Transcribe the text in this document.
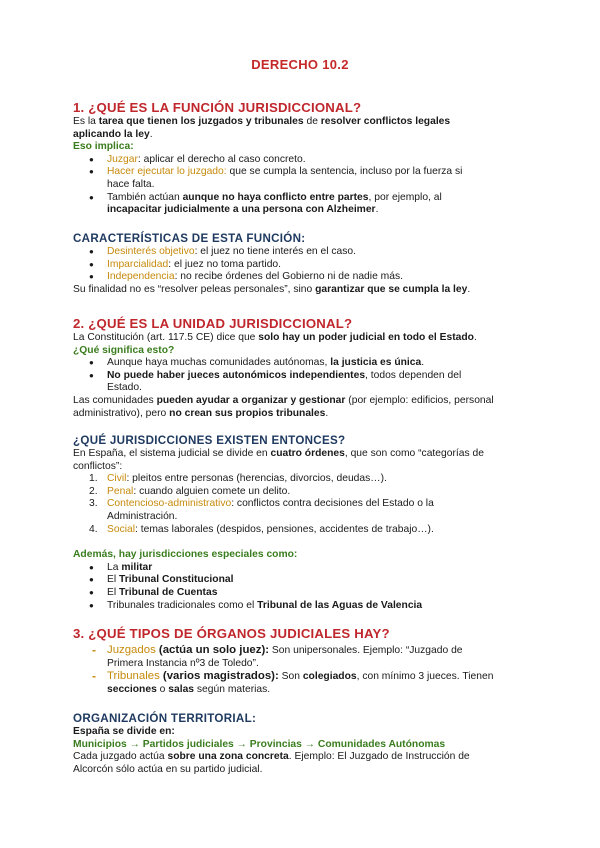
DERECHO 10.2
1. ¿QUÉ ES LA FUNCIÓN JURISDICCIONAL?

Es la tarea que tienen los juzgados y tribunales de resolver conflictos legales

aplicando la ley.

Eso implica:

● Juzgar: aplicar el derecho al caso concreto.
● Hacer ejecutar lo juzgado: que se cumpla la sentencia, incluso por la fuerza si
hace falta.
● También actúan aunque no haya conflicto entre partes, por ejemplo, al
incapacitar judicialmente a una persona con Alzheimer.
CARACTERÍSTICAS DE ESTA FUNCIÓN:
● Desinterés objetivo: el juez no tiene interés en el caso.
● Imparcialidad: el juez no toma partido.
● Independencia: no recibe órdenes del Gobierno ni de nadie más.

Su finalidad no es “resolver peleas personales”, sino garantizar que se cumpla la ley.

2. ¿QUÉ ES LA UNIDAD JURISDICCIONAL?

La Constitución (art. 117.5 CE) dice que solo hay un poder judicial en todo el Estado.

¿Qué significa esto?

● Aunque haya muchas comunidades autónomas, la justicia es única.
● No puede haber jueces autonómicos independientes, todos dependen del
Estado.

Las comunidades pueden ayudar a organizar y gestionar (por ejemplo: edificios, personal
administrativo), pero no crean sus propios tribunales.

¿QUÉ JURISDICCIONES EXISTEN ENTONCES?

En España, el sistema judicial se divide en cuatro órdenes, que son como “categorías de
conflictos”:

1. Civil: pleitos entre personas (herencias, divorcios, deudas…).
2. Penal: cuando alguien comete un delito.
3. Contencioso-administrativo: conflictos contra decisiones del Estado o la
Administración.
4. Social: temas laborales (despidos, pensiones, accidentes de trabajo…).

Además, hay jurisdicciones especiales como:

● La militar
● El Tribunal Constitucional
● El Tribunal de Cuentas
● Tribunales tradicionales como el Tribunal de las Aguas de Valencia
3. ¿QUÉ TIPOS DE ÓRGANOS JUDICIALES HAY?
- Juzgados (actúa un solo juez): Son unipersonales. Ejemplo: “Juzgado de
Primera Instancia nº3 de Toledo”.
- Tribunales (varios magistrados): Son colegiados, con mínimo 3 jueces. Tienen
secciones o salas según materias.
ORGANIZACIÓN TERRITORIAL:

España se divide en:

Municipios → Partidos judiciales → Provincias → Comunidades Autónomas

Cada juzgado actúa sobre una zona concreta. Ejemplo: El Juzgado de Instrucción de
Alcorcón sólo actúa en su partido judicial.
